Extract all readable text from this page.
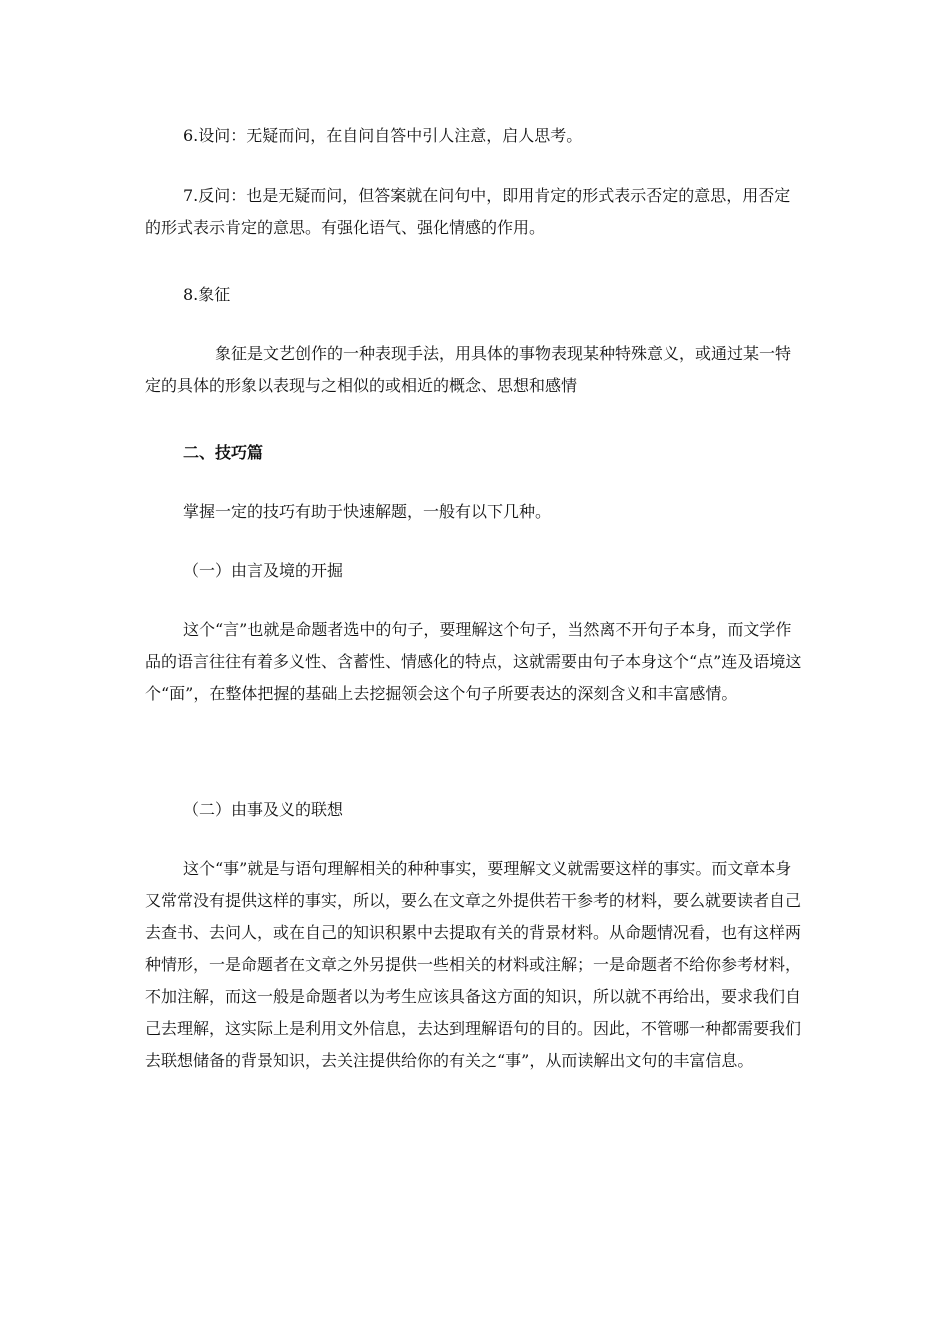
6.设问：无疑而问，在自问自答中引人注意，启人思考。

7.反问：也是无疑而问，但答案就在问句中，即用肯定的形式表示否定的意思，用否定的形式表示肯定的意思。有强化语气、强化情感的作用。

8.象征

象征是文艺创作的一种表现手法，用具体的事物表现某种特殊意义，或通过某一特定的具体的形象以表现与之相似的或相近的概念、思想和感情

二、技巧篇

掌握一定的技巧有助于快速解题，一般有以下几种。

（一）由言及境的开掘

这个“言”也就是命题者选中的句子，要理解这个句子，当然离不开句子本身，而文学作品的语言往往有着多义性、含蓄性、情感化的特点，这就需要由句子本身这个“点”连及语境这个“面”，在整体把握的基础上去挖掘领会这个句子所要表达的深刻含义和丰富感情。

（二）由事及义的联想

这个“事”就是与语句理解相关的种种事实，要理解文义就需要这样的事实。而文章本身又常常没有提供这样的事实，所以，要么在文章之外提供若干参考的材料，要么就要读者自己去查书、去问人，或在自己的知识积累中去提取有关的背景材料。从命题情况看，也有这样两种情形，一是命题者在文章之外另提供一些相关的材料或注解；一是命题者不给你参考材料，不加注解，而这一般是命题者以为考生应该具备这方面的知识，所以就不再给出，要求我们自己去理解，这实际上是利用文外信息，去达到理解语句的目的。因此，不管哪一种都需要我们去联想储备的背景知识，去关注提供给你的有关之“事”，从而读解出文句的丰富信息。
